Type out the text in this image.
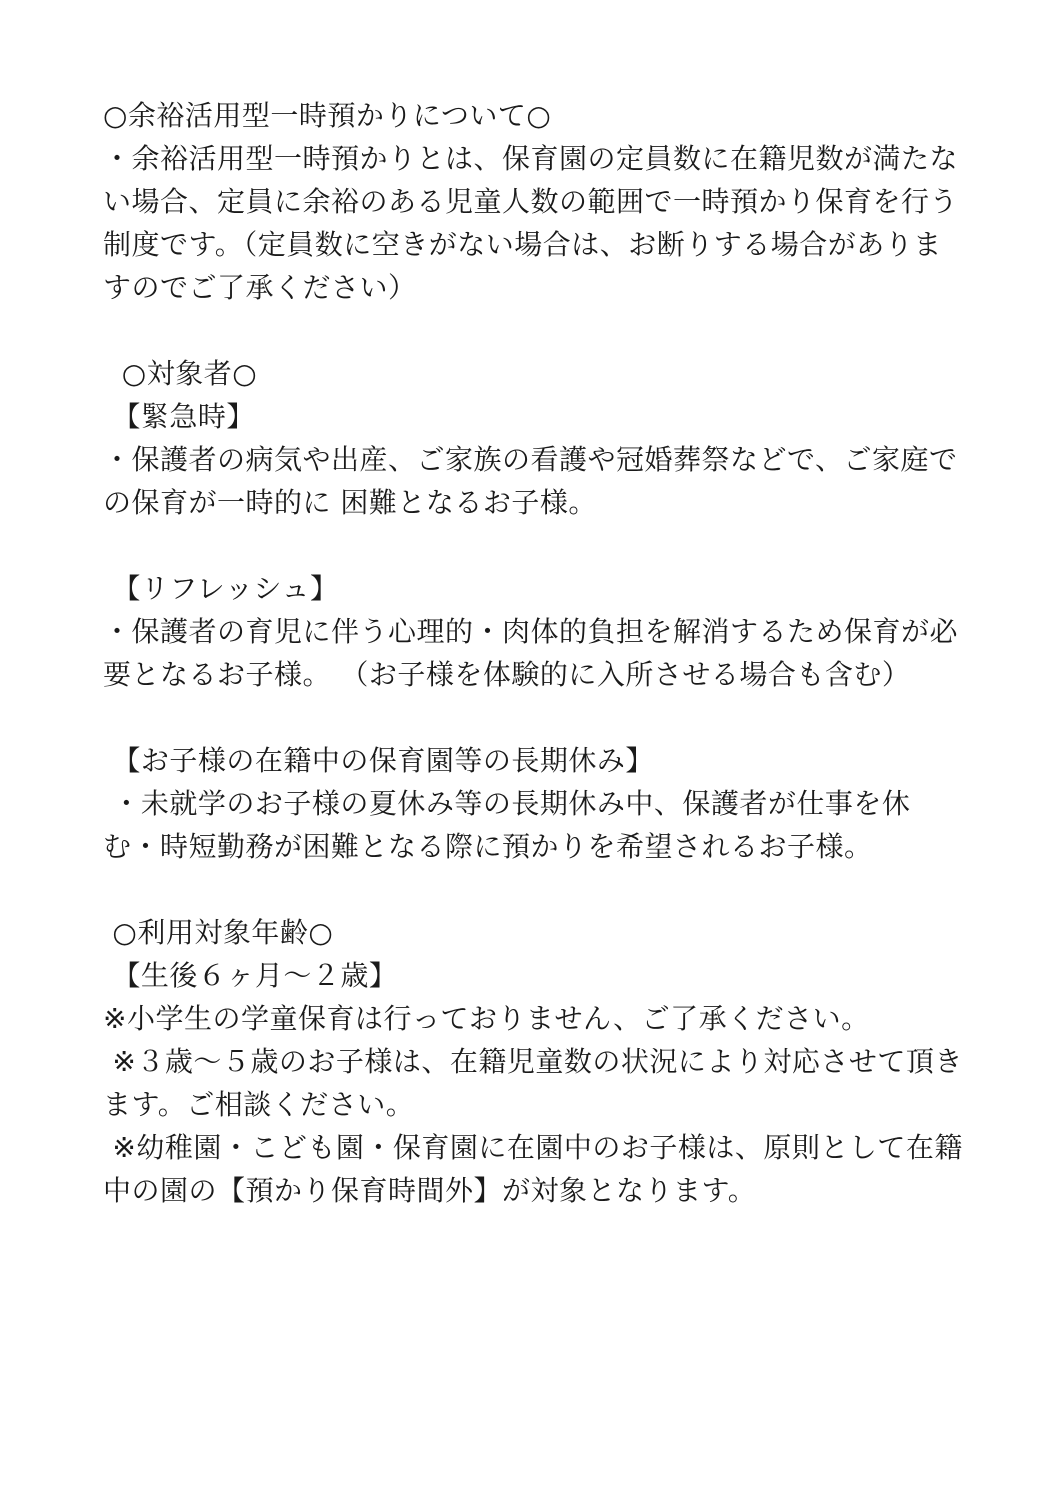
○余裕活用型一時預かりについて○
・余裕活用型一時預かりとは、保育園の定員数に在籍児数が満たな
い場合、定員に余裕のある児童人数の範囲で一時預かり保育を行う
制度です。（定員数に空きがない場合は、お断りする場合がありま
すのでご了承ください）
○対象者○
【緊急時】
・保護者の病気や出産、ご家族の看護や冠婚葬祭などで、ご家庭で
の保育が一時的に 困難となるお子様。
【リフレッシュ】
・保護者の育児に伴う心理的・肉体的負担を解消するため保育が必
要となるお子様。 （お子様を体験的に入所させる場合も含む）
【お子様の在籍中の保育園等の長期休み】
・未就学のお子様の夏休み等の長期休み中、保護者が仕事を休
む・時短勤務が困難となる際に預かりを希望されるお子様。
○利用対象年齢○
【生後６ヶ月〜２歳】
※小学生の学童保育は行っておりません、ご了承ください。
※３歳〜５歳のお子様は、在籍児童数の状況により対応させて頂き
ます。ご相談ください。
※幼稚園・こども園・保育園に在園中のお子様は、原則として在籍
中の園の【預かり保育時間外】が対象となります。
